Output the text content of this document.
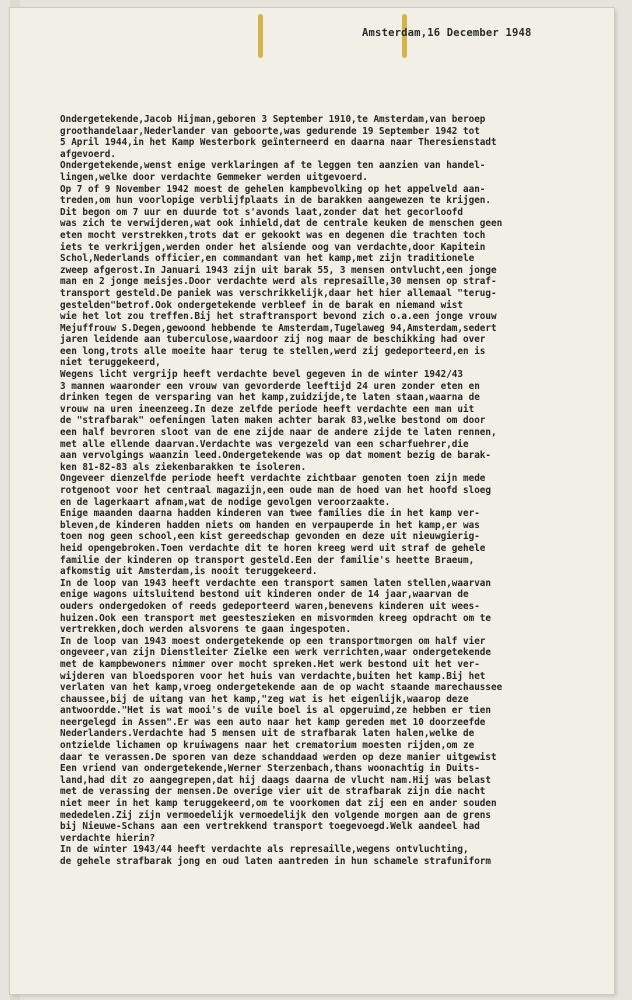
Amsterdam,16 December 1948
Ondergetekende,Jacob Hijman,geboren 3 September 1910,te Amsterdam,van beroep
groothandelaar,Nederlander van geboorte,was gedurende 19 September 1942 tot
5 April 1944,in het Kamp Westerbork geïnterneerd en daarna naar Theresienstadt
afgevoerd.
Ondergetekende,wenst enige verklaringen af te leggen ten aanzien van handel-
lingen,welke door verdachte Gemmeker werden uitgevoerd.
Op 7 of 9 November 1942 moest de gehelen kampbevolking op het appelveld aan-
treden,om hun voorlopige verblijfplaats in de barakken aangewezen te krijgen.
Dit begon om 7 uur en duurde tot s'avonds laat,zonder dat het gecorloofd
was zich te verwijderen,wat ook inhield,dat de centrale keuken de menschen geen
eten mocht verstrekken,trots dat er gekookt was en degenen die trachten toch
iets te verkrijgen,werden onder het alsiende oog van verdachte,door Kapitein
Schol,Nederlands officier,en commandant van het kamp,met zijn traditionele
zweep afgerost.In Januari 1943 zijn uit barak 55, 3 mensen ontvlucht,een jonge
man en 2 jonge meisjes.Door verdachte werd als represaille,30 mensen op straf-
transport gesteld.De paniek was verschrikkelijk,daar het hier allemaal "terug-
gestelden"betrof.Ook ondergetekende verbleef in de barak en niemand wist
wie het lot zou treffen.Bij het straftransport bevond zich o.a.een jonge vrouw
Mejuffrouw S.Degen,gewoond hebbende te Amsterdam,Tugelaweg 94,Amsterdam,sedert
jaren leidende aan tuberculose,waardoor zij nog maar de beschikking had over
een long,trots alle moeite haar terug te stellen,werd zij gedeporteerd,en is
niet teruggekeerd,
Wegens licht vergrijp heeft verdachte bevel gegeven in de winter 1942/43
3 mannen waaronder een vrouw van gevorderde leeftijd 24 uren zonder eten en
drinken tegen de versparing van het kamp,zuidzijde,te laten staan,waarna de
vrouw na uren ineenzeeg.In deze zelfde periode heeft verdachte een man uit
de "strafbarak" oefeningen laten maken achter barak 83,welke bestond om door
een half bevroren sloot van de ene zijde naar de andere zijde te laten rennen,
met alle ellende daarvan.Verdachte was vergezeld van een scharfuehrer,die
aan vervolgings waanzin leed.Ondergetekende was op dat moment bezig de barak-
ken 81-82-83 als ziekenbarakken te isoleren.
Ongeveer dienzelfde periode heeft verdachte zichtbaar genoten toen zijn mede
rotgenoot voor het centraal magazijn,een oude man de hoed van het hoofd sloeg
en de lagerkaart afnam,wat de nodige gevolgen veroorzaakte.
Enige maanden daarna hadden kinderen van twee families die in het kamp ver-
bleven,de kinderen hadden niets om handen en verpauperde in het kamp,er was
toen nog geen school,een kist gereedschap gevonden en deze uit nieuwgierig-
heid opengebroken.Toen verdachte dit te horen kreeg werd uit straf de gehele
familie der kinderen op transport gesteld.Een der familie's heette Braeum,
afkomstig uit Amsterdam,is nooit teruggekeerd.
In de loop van 1943 heeft verdachte een transport samen laten stellen,waarvan
enige wagons uitsluitend bestond uit kinderen onder de 14 jaar,waarvan de
ouders ondergedoken of reeds gedeporteerd waren,benevens kinderen uit wees-
huizen.Ook een transport met geesteszieken en misvormden kreeg opdracht om te
vertrekken,doch werden alsvorens te gaan ingespoten.
In de loop van 1943 moest ondergetekende op een transportmorgen om half vier
ongeveer,van zijn Dienstleiter Zielke een werk verrichten,waar ondergetekende
met de kampbewoners nimmer over mocht spreken.Het werk bestond uit het ver-
wijderen van bloedsporen voor het huis van verdachte,buiten het kamp.Bij het
verlaten van het kamp,vroeg ondergetekende aan de op wacht staande marechaussee
chaussee,bij de uitang van het kamp,"zeg wat is het eigenlijk,waarop deze
antwoordde."Het is wat mooi's de vuile boel is al opgeruimd,ze hebben er tien
neergelegd in Assen".Er was een auto naar het kamp gereden met 10 doorzeefde
Nederlanders.Verdachte had 5 mensen uit de strafbarak laten halen,welke de
ontzielde lichamen op kruiwagens naar het crematorium moesten rijden,om ze
daar te verassen.De sporen van deze schanddaad werden op deze manier uitgewist
Een vriend van ondergetekende,Werner Sterzenbach,thans woonachtig in Duits-
land,had dit zo aangegrepen,dat hij daags daarna de vlucht nam.Hij was belast
met de verassing der mensen.De overige vier uit de strafbarak zijn die nacht
niet meer in het kamp teruggekeerd,om te voorkomen dat zij een en ander souden
mededelen.Zij zijn vermoedelijk vermoedelijk den volgende morgen aan de grens
bij Nieuwe-Schans aan een vertrekkend transport toegevoegd.Welk aandeel had
verdachte hierin?
In de winter 1943/44 heeft verdachte als represaille,wegens ontvluchting,
de gehele strafbarak jong en oud laten aantreden in hun schamele strafuniform
